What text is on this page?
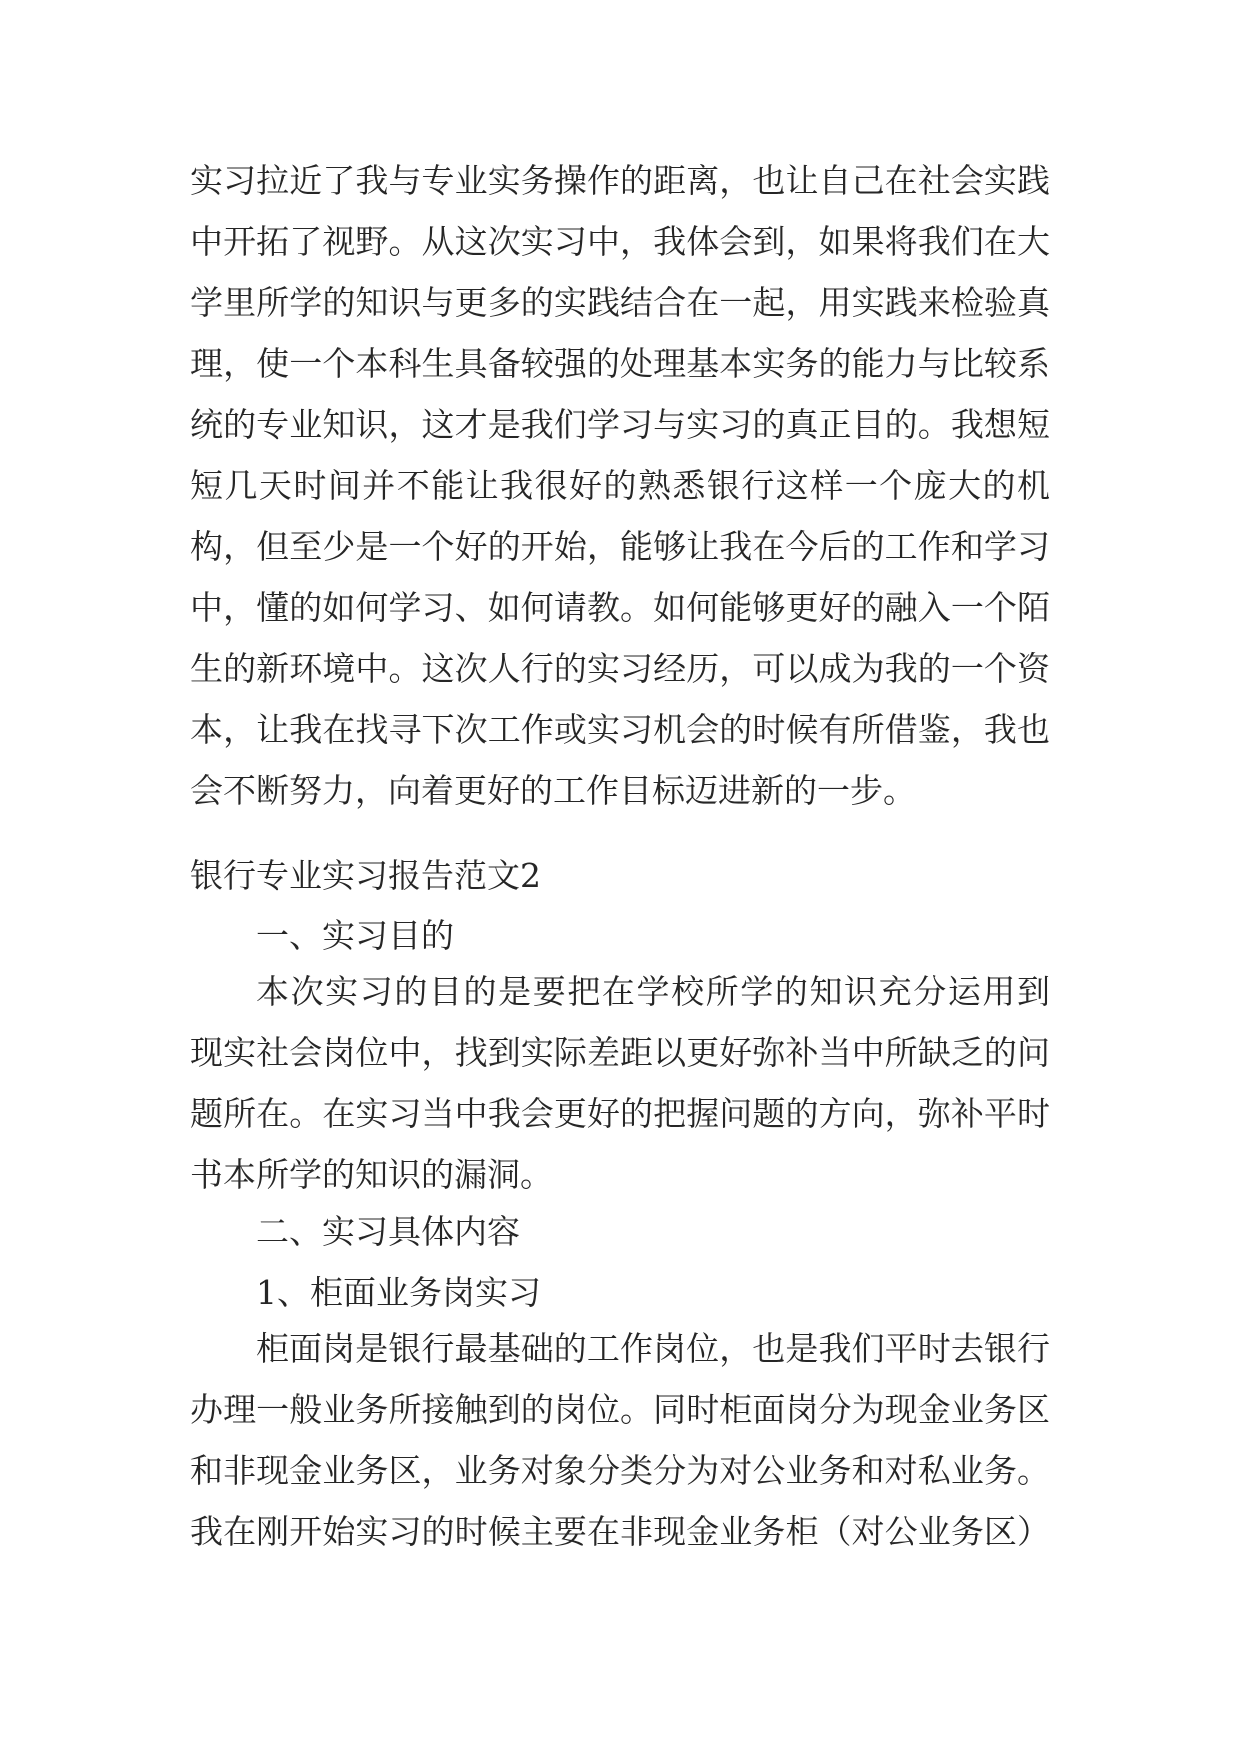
实习拉近了我与专业实务操作的距离，也让自己在社会实践
中开拓了视野。从这次实习中，我体会到，如果将我们在大
学里所学的知识与更多的实践结合在一起，用实践来检验真
理，使一个本科生具备较强的处理基本实务的能力与比较系
统的专业知识，这才是我们学习与实习的真正目的。我想短
短几天时间并不能让我很好的熟悉银行这样一个庞大的机
构，但至少是一个好的开始，能够让我在今后的工作和学习
中，懂的如何学习、如何请教。如何能够更好的融入一个陌
生的新环境中。这次人行的实习经历，可以成为我的一个资
本，让我在找寻下次工作或实习机会的时候有所借鉴，我也
会不断努力，向着更好的工作目标迈进新的一步。
银行专业实习报告范文2
一、实习目的
本次实习的目的是要把在学校所学的知识充分运用到
现实社会岗位中，找到实际差距以更好弥补当中所缺乏的问
题所在。在实习当中我会更好的把握问题的方向，弥补平时
书本所学的知识的漏洞。
二、实习具体内容
1、柜面业务岗实习
柜面岗是银行最基础的工作岗位，也是我们平时去银行
办理一般业务所接触到的岗位。同时柜面岗分为现金业务区
和非现金业务区，业务对象分类分为对公业务和对私业务。
我在刚开始实习的时候主要在非现金业务柜（对公业务区）
